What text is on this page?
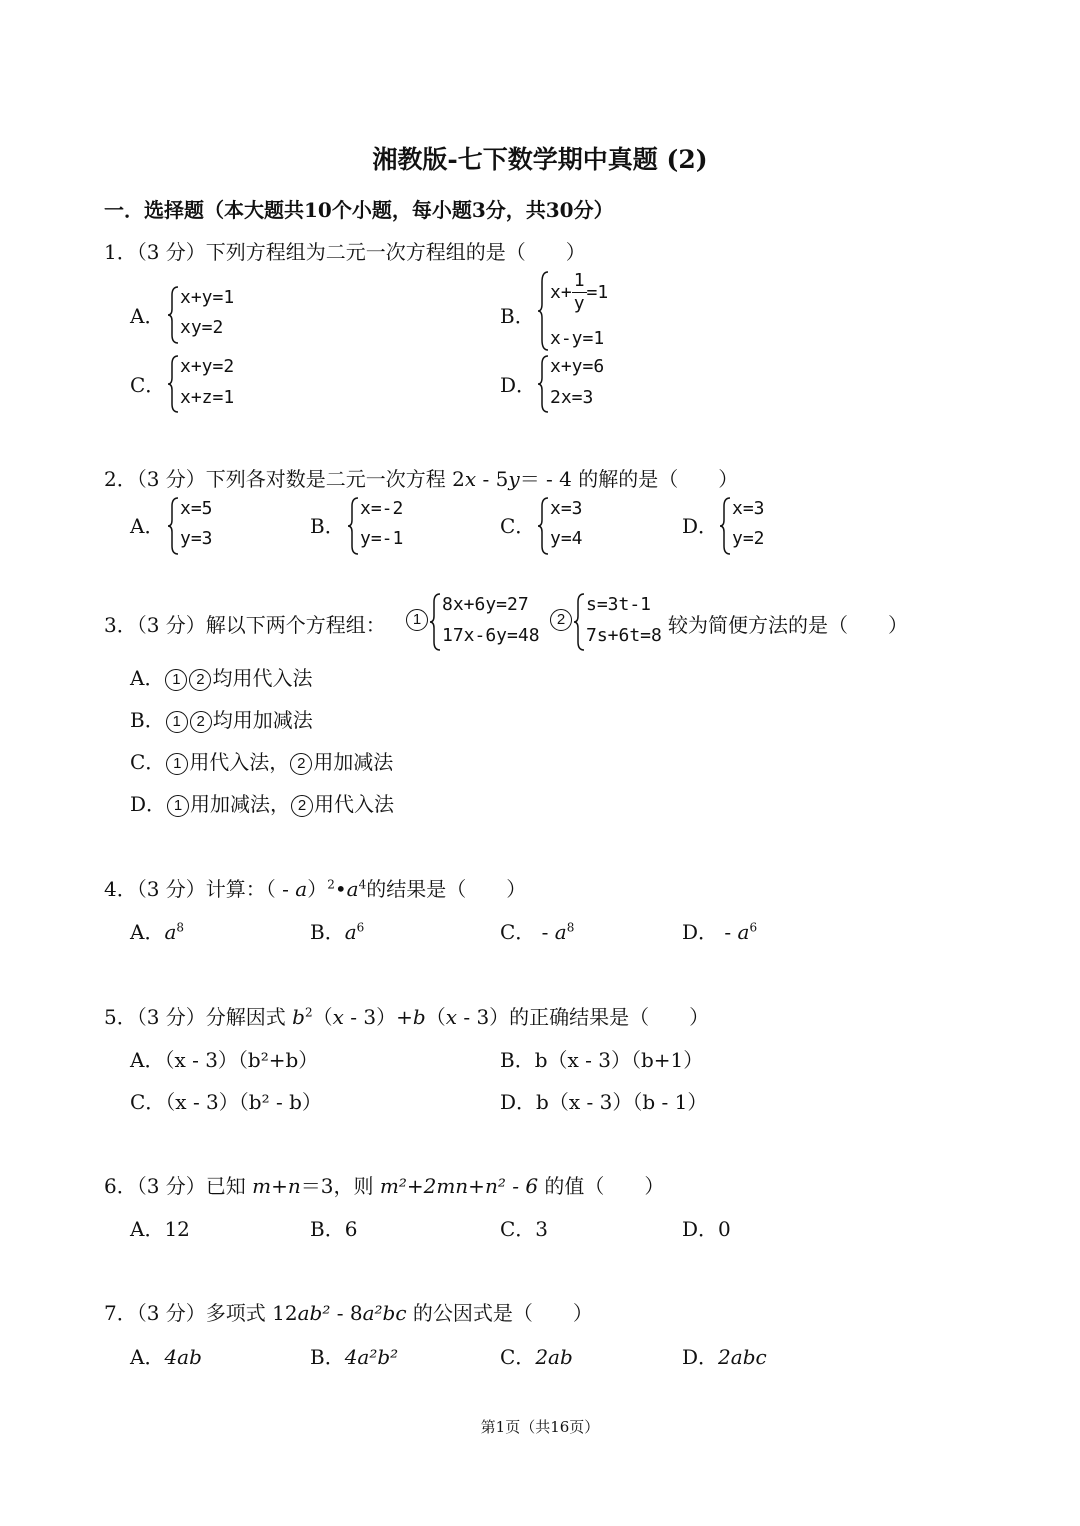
湘教版-七下数学期中真题 (2)
一．选择题（本大题共10个小题，每小题3分，共30分）
1．（3 分）下列方程组为二元一次方程组的是（　　）
A．
x+y=1
xy=2	B．
$x+ \frac{1}{y} =1$
x-y=1
C．
x+y=2
x+z=1
D．
x+y=6
2x=3
2．（3 分）下列各对数是二元一次方程 2x ‐ 5y＝ ‐ 4 的解的是（　　）
A．
x=5
y=3
B．
x=-2
y=-1
C．
x=3
y=4
D．
x=3
y=2
3．（3 分）解以下两个方程组：	1
8x+6y=27
17x-6y=48
2
s=3t-1
7s+6t=8 较为简便方法的是（　　）
A． 1 2 均用代入法
B． 1 2 均用加减法
C． 1 用代入法， 2 用加减法
D． 1 用加减法， 2 用代入法
4．（3 分）计算：（ ‐ $a)^2•a^4$的结果是（　　）
A．$a^8$	B．$a^6$	C． ‐ $a^8$	D． ‐ $a^6$
5．（3 分）分解因式 $b^2(x$ ‐ 3）+b（x ‐ 3）的正确结果是（　　）
A．（x ‐ 3）（b²+b）	B．b（x ‐ 3）（b+1）
C．（x ‐ 3）（b² ‐ b）	D．b（x ‐ 3）（b ‐ 1）
6．（3 分）已知 m+n＝3，则 m²+2mn+n² ‐ 6 的值（　　）
A．12	B．6	C．3	D．0
7．（3 分）多项式 12ab² ‐ 8a²bc 的公因式是（　　）
A．4ab	B．4a²b²	C．2ab	D．2abc
第1页（共16页）
